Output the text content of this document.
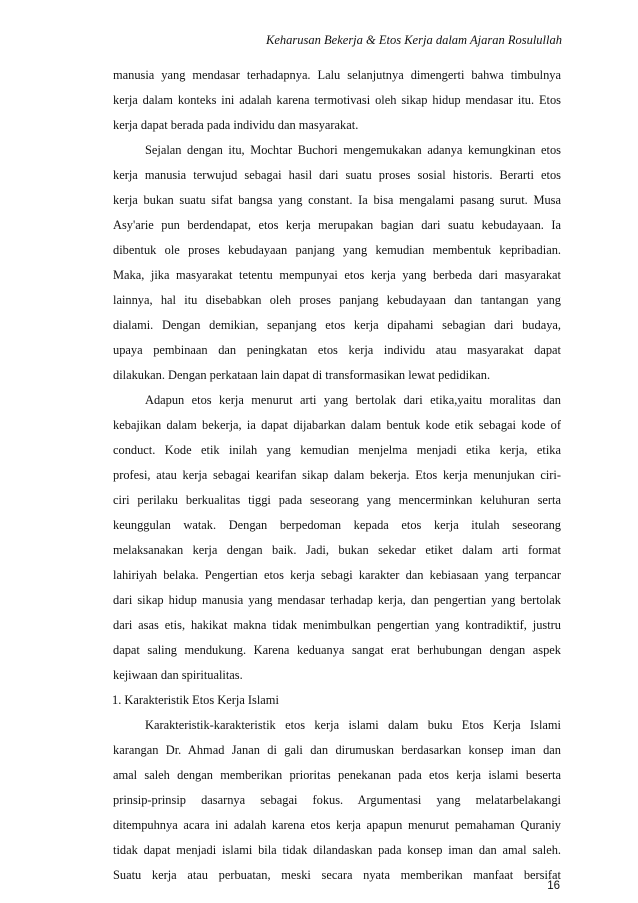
Keharusan Bekerja & Etos Kerja dalam Ajaran Rosulullah
manusia yang mendasar terhadapnya. Lalu selanjutnya dimengerti bahwa timbulnya
kerja dalam konteks ini adalah karena termotivasi oleh sikap hidup mendasar itu. Etos
kerja dapat berada pada individu dan masyarakat.
Sejalan dengan itu, Mochtar Buchori mengemukakan adanya kemungkinan etos
kerja manusia terwujud sebagai hasil dari suatu proses sosial historis. Berarti etos
kerja bukan suatu sifat bangsa yang constant. Ia bisa mengalami pasang surut. Musa
Asy'arie pun berdendapat, etos kerja merupakan bagian dari suatu kebudayaan. Ia
dibentuk ole proses kebudayaan panjang yang kemudian membentuk kepribadian.
Maka, jika masyarakat tetentu mempunyai etos kerja yang berbeda dari masyarakat
lainnya, hal itu disebabkan oleh proses panjang kebudayaan dan tantangan yang
dialami. Dengan demikian, sepanjang etos kerja dipahami sebagian dari budaya,
upaya pembinaan dan peningkatan etos kerja individu atau masyarakat dapat
dilakukan. Dengan perkataan lain dapat di transformasikan lewat pedidikan.
Adapun etos kerja menurut arti yang bertolak dari etika,yaitu moralitas dan
kebajikan dalam bekerja, ia dapat dijabarkan dalam bentuk kode etik sebagai kode of
conduct. Kode etik inilah yang kemudian menjelma menjadi etika kerja, etika
profesi, atau kerja sebagai kearifan sikap dalam bekerja. Etos kerja menunjukan ciri-
ciri perilaku berkualitas tiggi pada seseorang yang mencerminkan keluhuran serta
keunggulan watak. Dengan berpedoman kepada etos kerja itulah seseorang
melaksanakan kerja dengan baik. Jadi, bukan sekedar etiket dalam arti format
lahiriyah belaka. Pengertian etos kerja sebagi karakter dan kebiasaan yang terpancar
dari sikap hidup manusia yang mendasar terhadap kerja, dan pengertian yang bertolak
dari asas etis, hakikat makna tidak menimbulkan pengertian yang kontradiktif, justru
dapat saling mendukung. Karena keduanya sangat erat berhubungan dengan aspek
kejiwaan dan spiritualitas.
1. Karakteristik Etos Kerja Islami
Karakteristik-karakteristik etos kerja islami dalam buku Etos Kerja Islami
karangan Dr. Ahmad Janan di gali dan dirumuskan berdasarkan konsep iman dan
amal saleh dengan memberikan prioritas penekanan pada etos kerja islami beserta
prinsip-prinsip dasarnya sebagai fokus. Argumentasi yang melatarbelakangi
ditempuhnya acara ini adalah karena etos kerja apapun menurut pemahaman Quraniy
tidak dapat menjadi islami bila tidak dilandaskan pada konsep iman dan amal saleh.
Suatu kerja atau perbuatan, meski secara nyata memberikan manfaat bersifat
16
